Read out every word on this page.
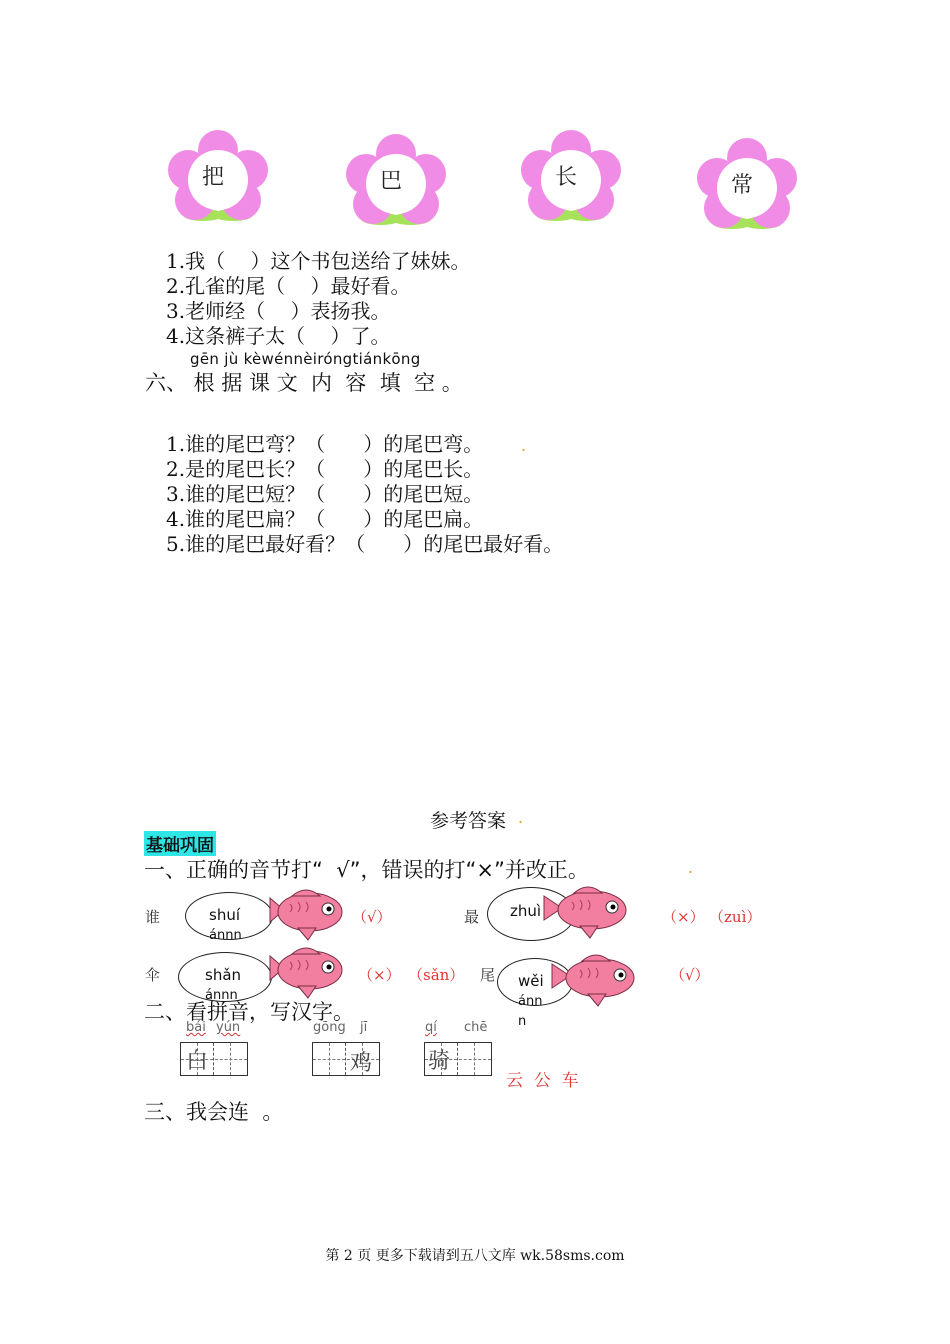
把	巴	长	常
1.我（    ）这个书包送给了妹妹。
2.孔雀的尾（    ）最好看。
3.老师经（    ）表扬我。
4.这条裤子太（    ）了。
gēn jù kèwénnèiróngtiánkōng
六、 根 据 课 文  内  容  填  空 。
1.谁的尾巴弯？（      ）的尾巴弯。 .
2.是的尾巴长？（      ）的尾巴长。
3.谁的尾巴短？（      ）的尾巴短。
4.谁的尾巴扁？（      ）的尾巴扁。
5.谁的尾巴最好看？（      ）的尾巴最好看。
参考答案 .
基础巩固
一、正确的音节打“  √”，错误的打“×”并改正。	.
谁	shuí
ánnn
（√）	最 zhuì	（×） （zuì）
伞	shǎn
ánnn
（×） （sǎn） 尾 wěi
ánn
n
（√）
二、看拼音，写汉字。
bái yún
白
gōng jī
鸡
qí chē
骑
云  公  车
三、我会连  。
第 2 页 更多下载请到五八文库 wk.58sms.com
